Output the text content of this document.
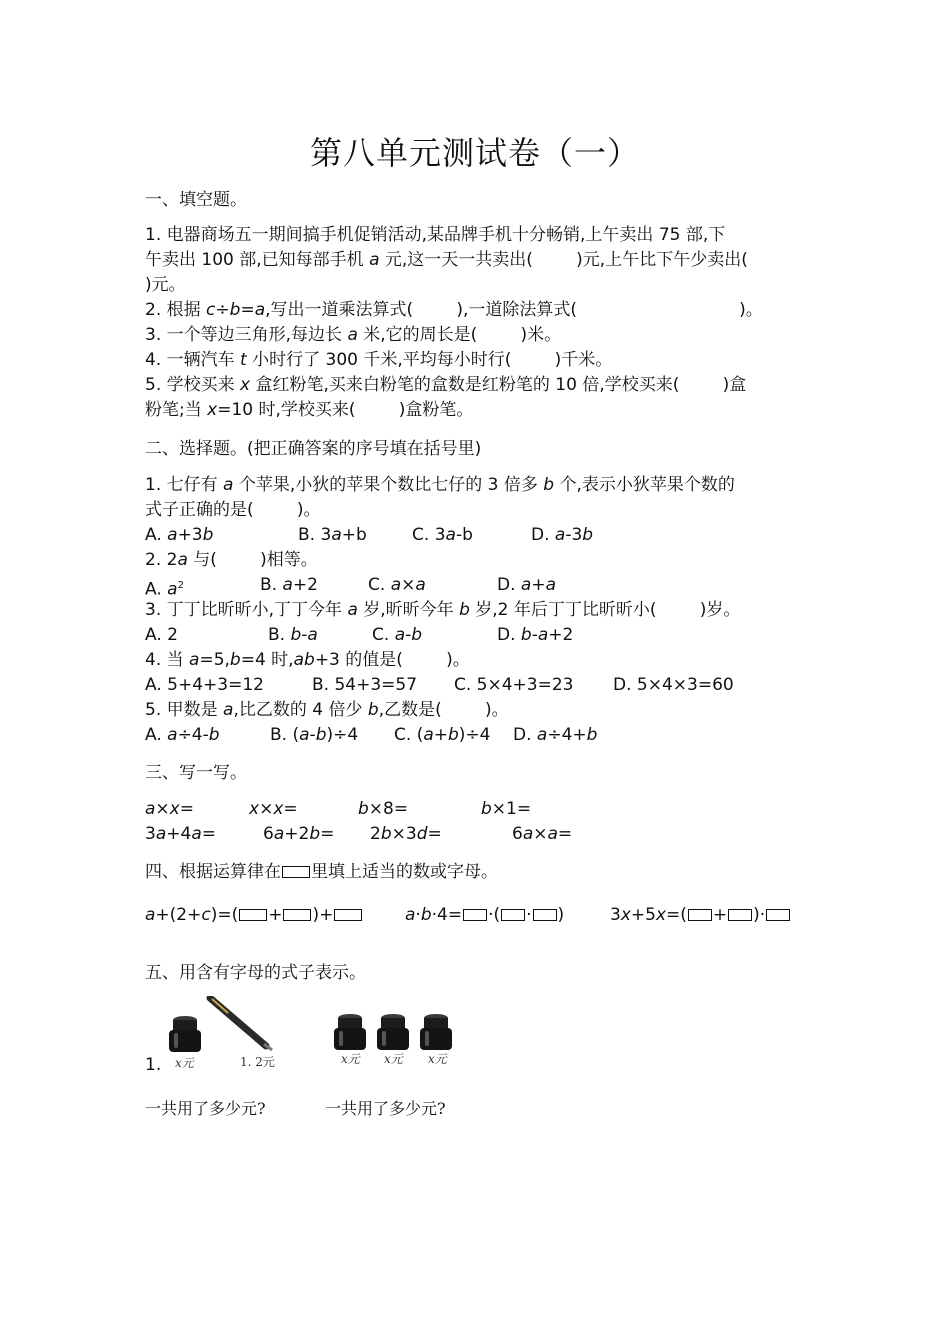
第八单元测试卷（一）
一、填空题。
1. 电器商场五一期间搞手机促销活动,某品牌手机十分畅销,上午卖出 75 部,下
午卖出 100 部,已知每部手机 a 元,这一天一共卖出(        )元,上午比下午少卖出(
)元。
2. 根据 c÷b=a,写出一道乘法算式(        ),一道除法算式(                              )。
3. 一个等边三角形,每边长 a 米,它的周长是(        )米。
4. 一辆汽车 t 小时行了 300 千米,平均每小时行(        )千米。
5. 学校买来 x 盒红粉笔,买来白粉笔的盒数是红粉笔的 10 倍,学校买来(        )盒
粉笔;当 x=10 时,学校买来(        )盒粉笔。
二、选择题。(把正确答案的序号填在括号里)
1. 七仔有 a 个苹果,小狄的苹果个数比七仔的 3 倍多 b 个,表示小狄苹果个数的
式子正确的是(        )。
A. a+3b	B. 3a+b	C. 3a-b	D. a-3b
2. 2a 与(        )相等。
A. $a^2$	B. a+2	C. a×a	D. a+a
3. 丁丁比昕昕小,丁丁今年 a 岁,昕昕今年 b 岁,2 年后丁丁比昕昕小(        )岁。
A. 2	B. b-a	C. a-b	D. b-a+2
4. 当 a=5,b=4 时,ab+3 的值是(        )。
A. 5+4+3=12	B. 54+3=57 C. 5×4+3=23 D. 5×4×3=60
5. 甲数是 a,比乙数的 4 倍少 b,乙数是(        )。
A. a÷4-b	B. (a-b)÷4 C. (a+b)÷4 D. a÷4+b
三、写一写。
a×x=	x×x=	b×8=	b×1=
3a+4a=	6a+2b= 2b×3d=	6a×a=
四、根据运算律在 里填上适当的数或字母。
a+(2+c)=( + )+	a·b·4= ·( · )	3x+5x=( + )·
五、用含有字母的式子表示。
x元	1. 2元	x元 x元 x元
1.
一共用了多少元?	一共用了多少元?
